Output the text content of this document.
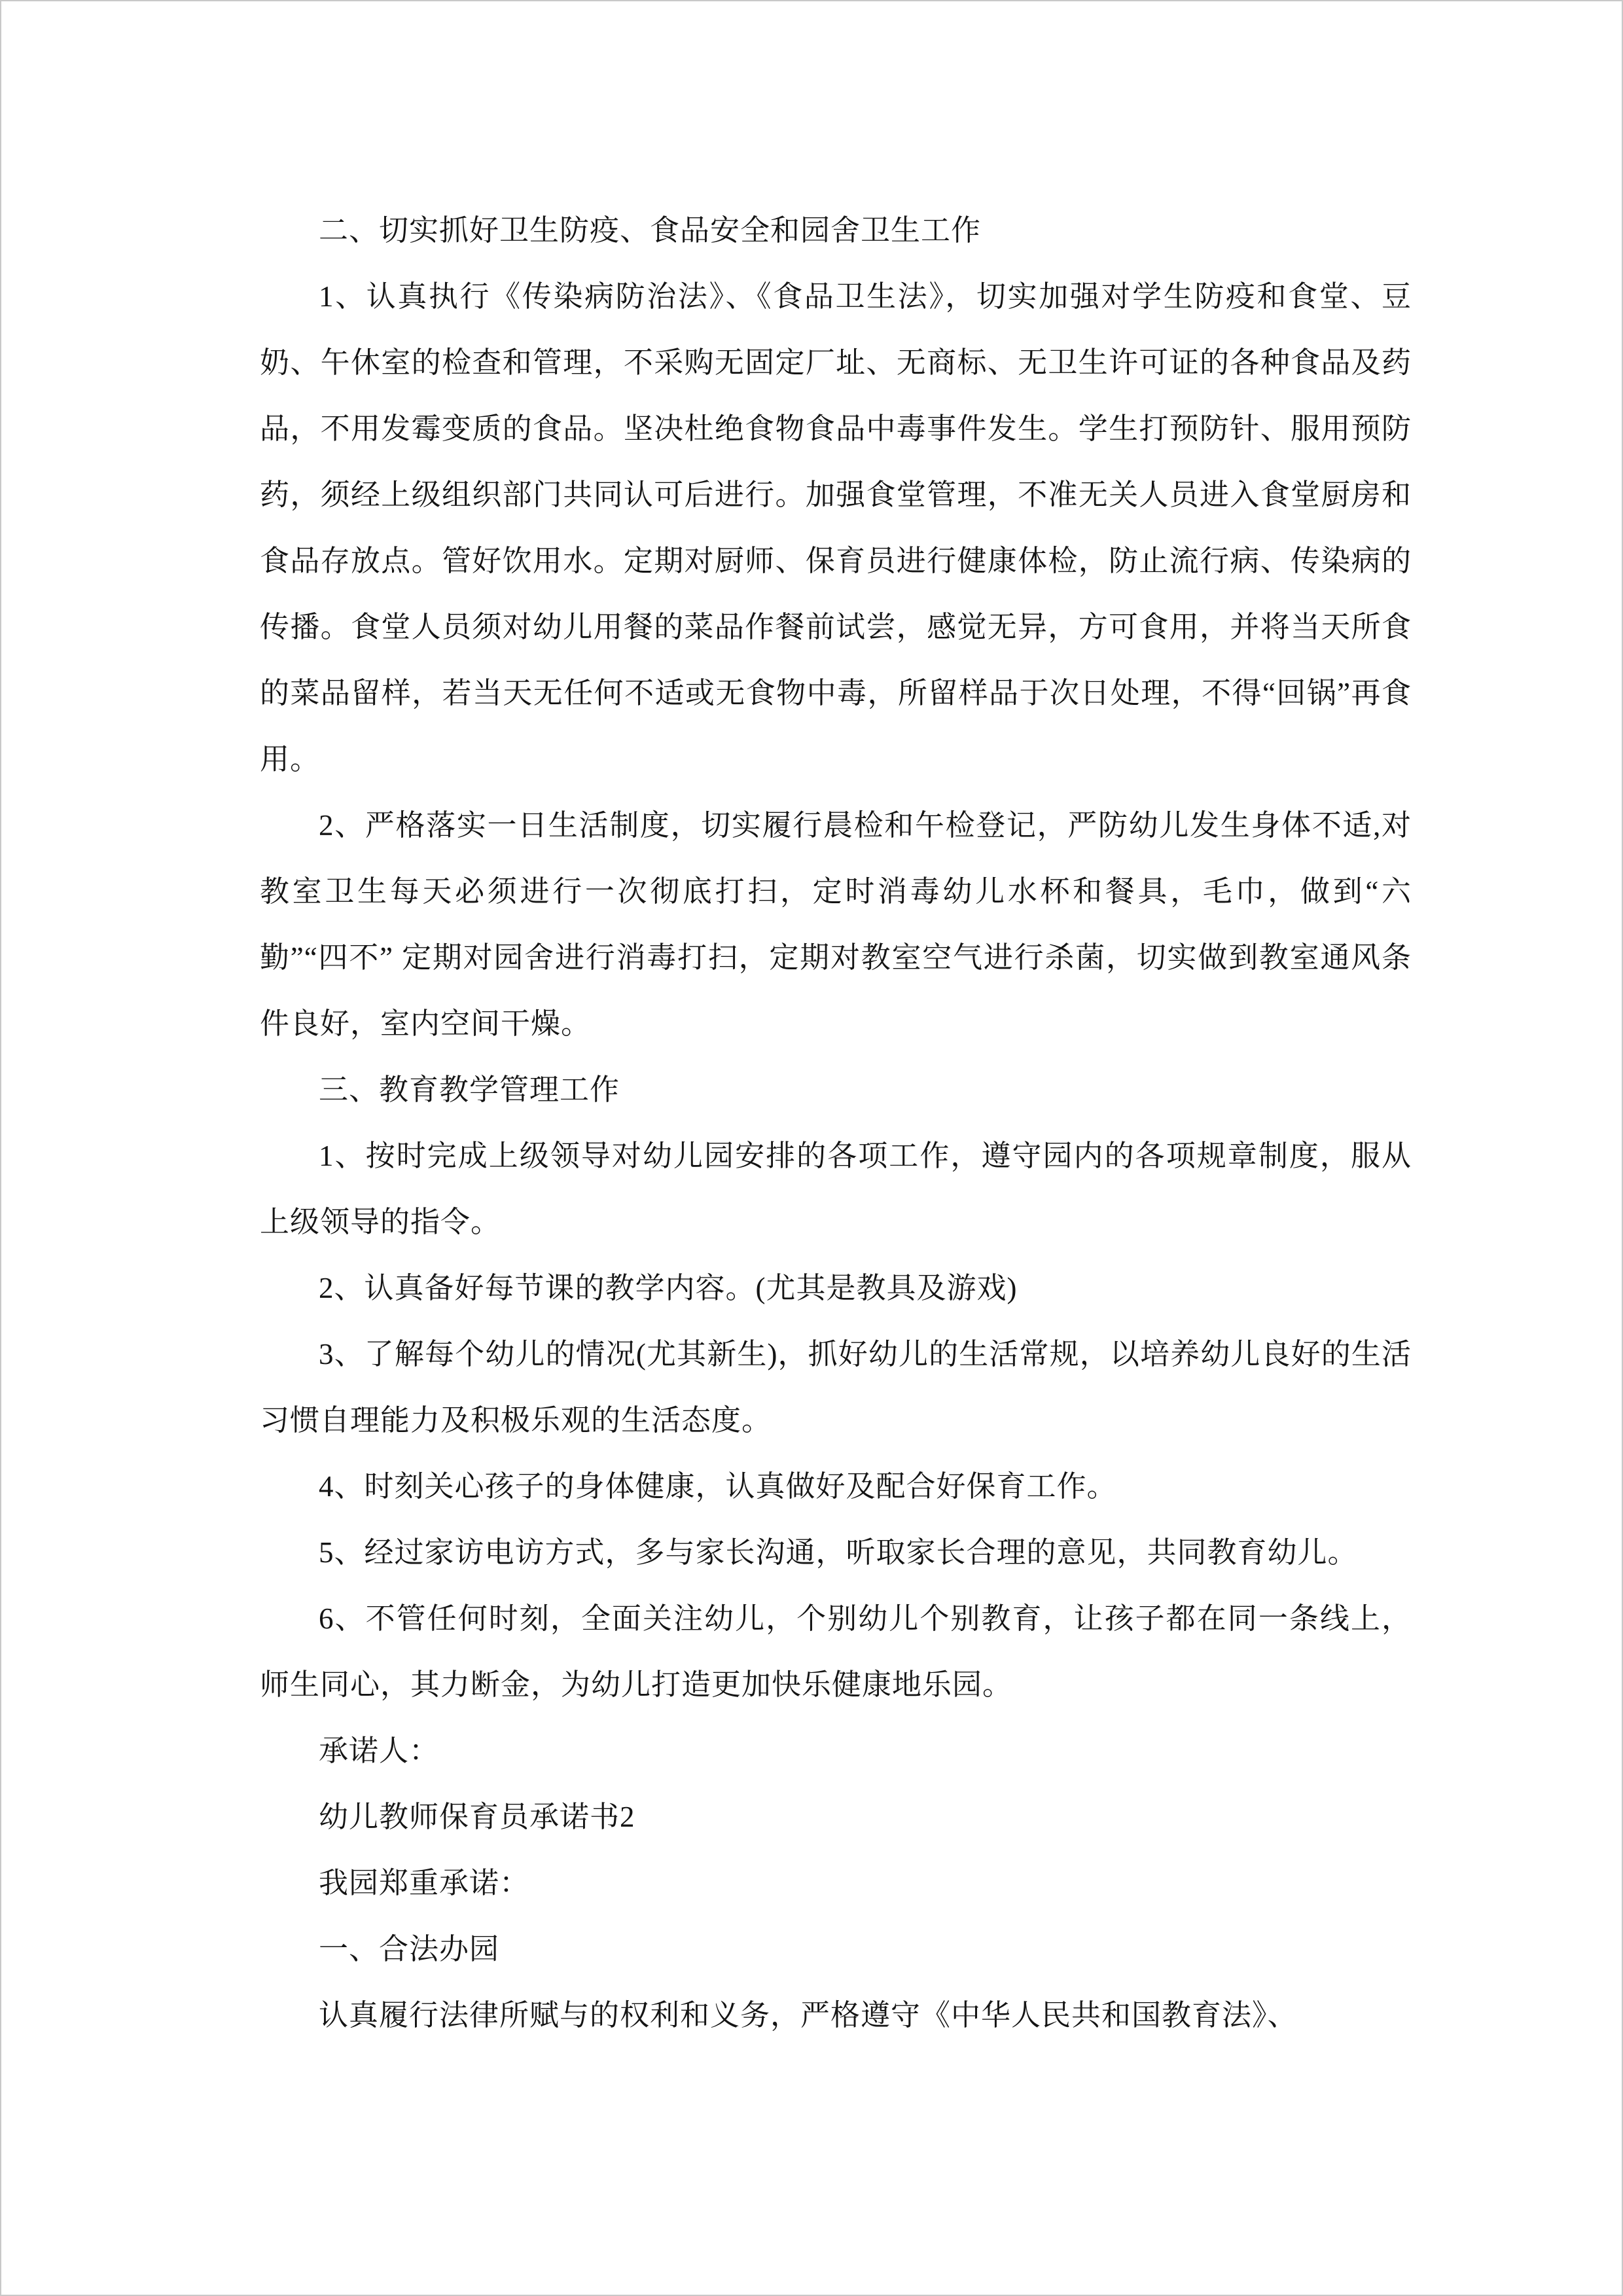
二、切实抓好卫生防疫、食品安全和园舍卫生工作

1、认真执行《传染病防治法》、《食品卫生法》，切实加强对学生防疫和食堂、豆奶、午休室的检查和管理，不采购无固定厂址、无商标、无卫生许可证的各种食品及药品，不用发霉变质的食品。坚决杜绝食物食品中毒事件发生。学生打预防针、服用预防药，须经上级组织部门共同认可后进行。加强食堂管理，不准无关人员进入食堂厨房和食品存放点。管好饮用水。定期对厨师、保育员进行健康体检，防止流行病、传染病的传播。食堂人员须对幼儿用餐的菜品作餐前试尝，感觉无异，方可食用，并将当天所食的菜品留样，若当天无任何不适或无食物中毒，所留样品于次日处理，不得“回锅”再食用。

2、严格落实一日生活制度，切实履行晨检和午检登记，严防幼儿发生身体不适,对教室卫生每天必须进行一次彻底打扫，定时消毒幼儿水杯和餐具，毛巾，做到“六勤”“四不” 定期对园舍进行消毒打扫，定期对教室空气进行杀菌，切实做到教室通风条件良好，室内空间干燥。

三、教育教学管理工作

1、按时完成上级领导对幼儿园安排的各项工作，遵守园内的各项规章制度，服从上级领导的指令。

2、认真备好每节课的教学内容。(尤其是教具及游戏)

3、了解每个幼儿的情况(尤其新生)，抓好幼儿的生活常规，以培养幼儿良好的生活习惯自理能力及积极乐观的生活态度。

4、时刻关心孩子的身体健康，认真做好及配合好保育工作。

5、经过家访电访方式，多与家长沟通，听取家长合理的意见，共同教育幼儿。

6、不管任何时刻，全面关注幼儿，个别幼儿个别教育，让孩子都在同一条线上，师生同心，其力断金，为幼儿打造更加快乐健康地乐园。

承诺人：

幼儿教师保育员承诺书2

我园郑重承诺：

一、合法办园

认真履行法律所赋与的权利和义务，严格遵守《中华人民共和国教育法》、
